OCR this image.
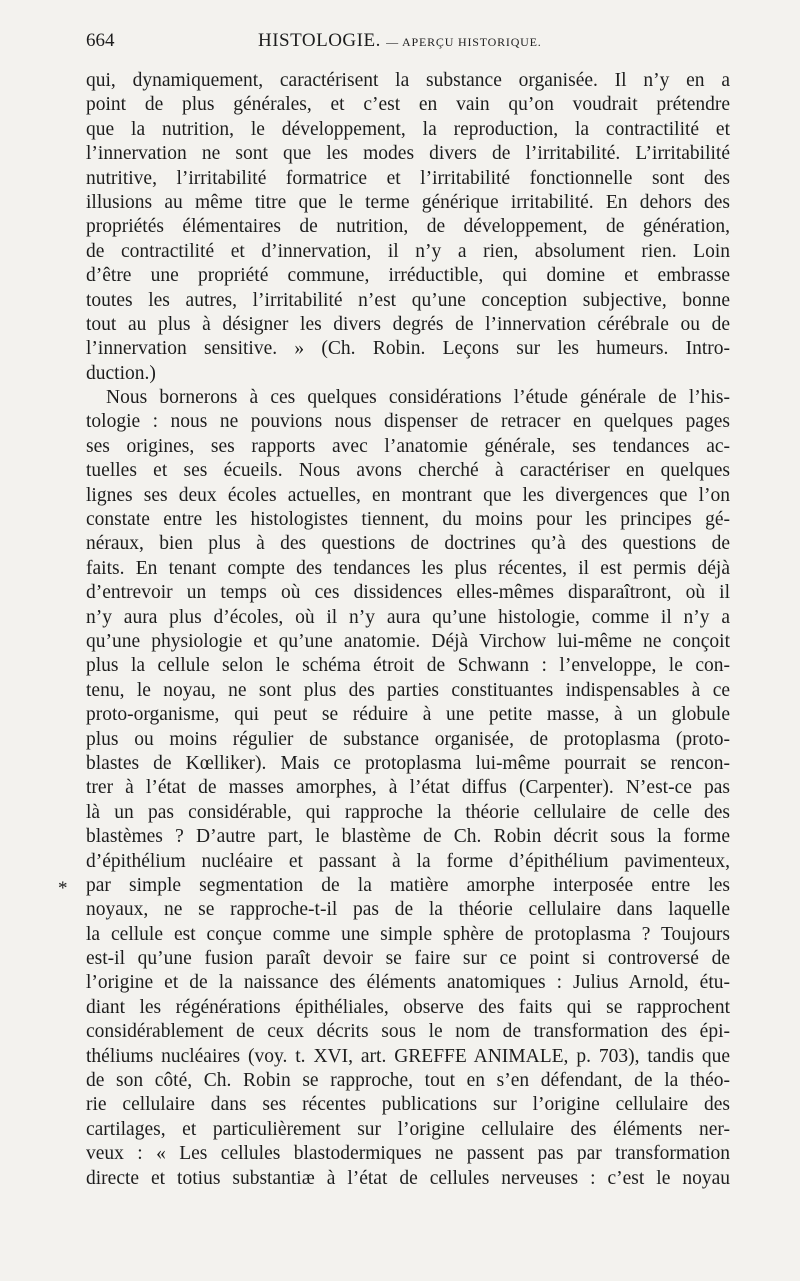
664	HISTOLOGIE. — APERÇU HISTORIQUE.
*
qui, dynamiquement, caractérisent la substance organisée. Il n’y en a
point de plus générales, et c’est en vain qu’on voudrait prétendre
que la nutrition, le développement, la reproduction, la contractilité et
l’innervation ne sont que les modes divers de l’irritabilité. L’irritabilité
nutritive, l’irritabilité formatrice et l’irritabilité fonctionnelle sont des
illusions au même titre que le terme générique irritabilité. En dehors des
propriétés élémentaires de nutrition, de développement, de génération,
de contractilité et d’innervation, il n’y a rien, absolument rien. Loin
d’être une propriété commune, irréductible, qui domine et embrasse
toutes les autres, l’irritabilité n’est qu’une conception subjective, bonne
tout au plus à désigner les divers degrés de l’innervation cérébrale ou de
l’innervation sensitive. » (Ch. Robin. Leçons sur les humeurs. Intro-
duction.)
Nous bornerons à ces quelques considérations l’étude générale de l’his-
tologie : nous ne pouvions nous dispenser de retracer en quelques pages
ses origines, ses rapports avec l’anatomie générale, ses tendances ac-
tuelles et ses écueils. Nous avons cherché à caractériser en quelques
lignes ses deux écoles actuelles, en montrant que les divergences que l’on
constate entre les histologistes tiennent, du moins pour les principes gé-
néraux, bien plus à des questions de doctrines qu’à des questions de
faits. En tenant compte des tendances les plus récentes, il est permis déjà
d’entrevoir un temps où ces dissidences elles-mêmes disparaîtront, où il
n’y aura plus d’écoles, où il n’y aura qu’une histologie, comme il n’y a
qu’une physiologie et qu’une anatomie. Déjà Virchow lui-même ne conçoit
plus la cellule selon le schéma étroit de Schwann : l’enveloppe, le con-
tenu, le noyau, ne sont plus des parties constituantes indispensables à ce
proto-organisme, qui peut se réduire à une petite masse, à un globule
plus ou moins régulier de substance organisée, de protoplasma (proto-
blastes de Kœlliker). Mais ce protoplasma lui-même pourrait se rencon-
trer à l’état de masses amorphes, à l’état diffus (Carpenter). N’est-ce pas
là un pas considérable, qui rapproche la théorie cellulaire de celle des
blastèmes ? D’autre part, le blastème de Ch. Robin décrit sous la forme
d’épithélium nucléaire et passant à la forme d’épithélium pavimenteux,
par simple segmentation de la matière amorphe interposée entre les
noyaux, ne se rapproche-t-il pas de la théorie cellulaire dans laquelle
la cellule est conçue comme une simple sphère de protoplasma ? Toujours
est-il qu’une fusion paraît devoir se faire sur ce point si controversé de
l’origine et de la naissance des éléments anatomiques : Julius Arnold, étu-
diant les régénérations épithéliales, observe des faits qui se rapprochent
considérablement de ceux décrits sous le nom de transformation des épi-
théliums nucléaires (voy. t. XVI, art. GREFFE ANIMALE, p. 703), tandis que
de son côté, Ch. Robin se rapproche, tout en s’en défendant, de la théo-
rie cellulaire dans ses récentes publications sur l’origine cellulaire des
cartilages, et particulièrement sur l’origine cellulaire des éléments ner-
veux : « Les cellules blastodermiques ne passent pas par transformation
directe et totius substantiæ à l’état de cellules nerveuses : c’est le noyau
